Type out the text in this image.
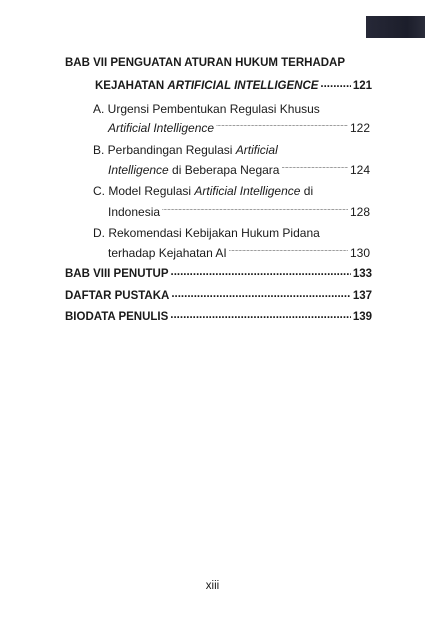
BAB VII PENGUATAN ATURAN HUKUM TERHADAP
KEJAHATAN ARTIFICIAL INTELLIGENCE .....	121
A. Urgensi Pembentukan Regulasi Khusus
Artificial Intelligence .....	122
B. Perbandingan Regulasi Artificial
Intelligence di Beberapa Negara .....	124
C. Model Regulasi Artificial Intelligence di
Indonesia .....	128
D. Rekomendasi Kebijakan Hukum Pidana
terhadap Kejahatan AI .....	130
BAB VIII PENUTUP .....	133
DAFTAR PUSTAKA .....	137
BIODATA PENULIS .....	139
xiii
